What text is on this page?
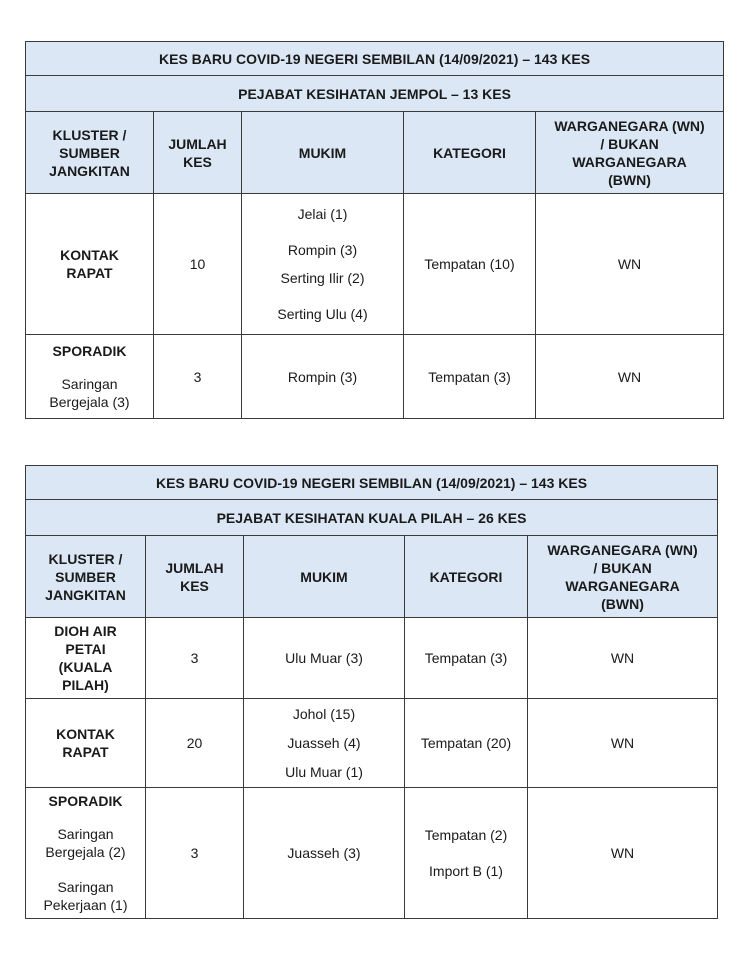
KES BARU COVID-19 NEGERI SEMBILAN (14/09/2021) – 143 KES				
PEJABAT KESIHATAN JEMPOL – 13 KES				

KLUSTER /
SUMBER
JANGKITAN	JUMLAH
KES	MUKIM	KATEGORI	WARGANEGARA (WN)
/ BUKAN
WARGANEGARA
(BWN)

KONTAK
RAPAT	10	Jelai (1)
Rompin (3)
Serting Ilir (2)
Serting Ulu (4)	Tempatan (10)	WN

SPORADIK
Saringan
Bergejala (3)	3	Rompin (3)	Tempatan (3)	WN
KES BARU COVID-19 NEGERI SEMBILAN (14/09/2021) – 143 KES				
PEJABAT KESIHATAN KUALA PILAH – 26 KES				

KLUSTER /
SUMBER
JANGKITAN	JUMLAH
KES	MUKIM	KATEGORI	WARGANEGARA (WN)
/ BUKAN
WARGANEGARA
(BWN)

DIOH AIR
PETAI
(KUALA
PILAH)	3	Ulu Muar (3)	Tempatan (3)	WN

KONTAK
RAPAT	20	Johol (15)
Juasseh (4)
Ulu Muar (1)	Tempatan (20)	WN

SPORADIK
Saringan
Bergejala (2)
Saringan
Pekerjaan (1)	3	Juasseh (3)	Tempatan (2)
Import B (1)	WN
